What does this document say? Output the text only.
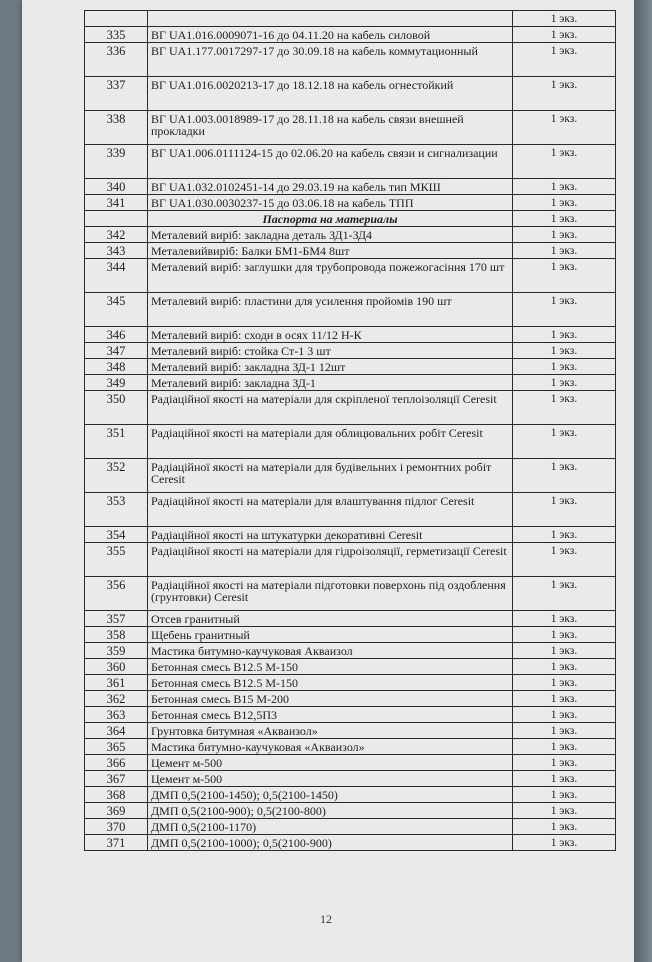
		1 экз.
335	ВГ UA1.016.0009071-16 до 04.11.20 на кабель силовой	1 экз.
336	ВГ UA1.177.0017297-17 до 30.09.18 на кабель коммутационный	1 экз.
337	ВГ UA1.016.0020213-17 до 18.12.18 на кабель огнестойкий	1 экз.
338	ВГ UA1.003.0018989-17 до 28.11.18 на кабель связи внешней прокладки	1 экз.
339	ВГ UA1.006.0111124-15 до 02.06.20 на кабель связи и сигнализации	1 экз.
340	ВГ UA1.032.0102451-14 до 29.03.19 на кабель тип МКШ	1 экз.
341	ВГ UA1.030.0030237-15 до 03.06.18 на кабель ТПП	1 экз.
	Паспорта на материалы	1 экз.
342	Металевий виріб: закладна деталь ЗД1-ЗД4	1 экз.
343	Металевийвиріб: Балки БМ1-БМ4 8шт	1 экз.
344	Металевий виріб: заглушки для трубопровода пожежогасіння 170 шт	1 экз.
345	Металевий виріб: пластини для усилення пройомів 190 шт	1 экз.
346	Металевий виріб: сходи в осях 11/12 Н-К	1 экз.
347	Металевий виріб: стойка Ст-1 3 шт	1 экз.
348	Металевий виріб: закладна ЗД-1 12шт	1 экз.
349	Металевий виріб: закладна ЗД-1	1 экз.
350	Радіаційної якості на матеріали для скріпленої теплоізоляції Ceresit	1 экз.
351	Радіаційної якості на матеріали для облицювальних робіт Ceresit	1 экз.
352	Радіаційної якості на матеріали для будівельних і ремонтних робіт Ceresit	1 экз.
353	Радіаційної якості на матеріали для влаштування підлог Ceresit	1 экз.
354	Радіаційної якості на штукатурки декоративні Ceresit	1 экз.
355	Радіаційної якості на матеріали для гідроізоляції, герметизації Ceresit	1 экз.
356	Радіаційної якості на матеріали підготовки поверхонь під оздоблення (грунтовки) Ceresit	1 экз.
357	Отсев гранитный	1 экз.
358	Щебень гранитный	1 экз.
359	Мастика битумно-каучуковая Акваизол	1 экз.
360	Бетонная смесь В12.5 М-150	1 экз.
361	Бетонная смесь В12.5 М-150	1 экз.
362	Бетонная смесь В15 М-200	1 экз.
363	Бетонная смесь В12,5П3	1 экз.
364	Грунтовка битумная «Акваизол»	1 экз.
365	Мастика битумно-каучуковая «Акваизол»	1 экз.
366	Цемент м-500	1 экз.
367	Цемент м-500	1 экз.
368	ДМП 0,5(2100-1450); 0,5(2100-1450)	1 экз.
369	ДМП 0,5(2100-900); 0,5(2100-800)	1 экз.
370	ДМП 0,5(2100-1170)	1 экз.
371	ДМП 0,5(2100-1000); 0,5(2100-900)	1 экз.
12
